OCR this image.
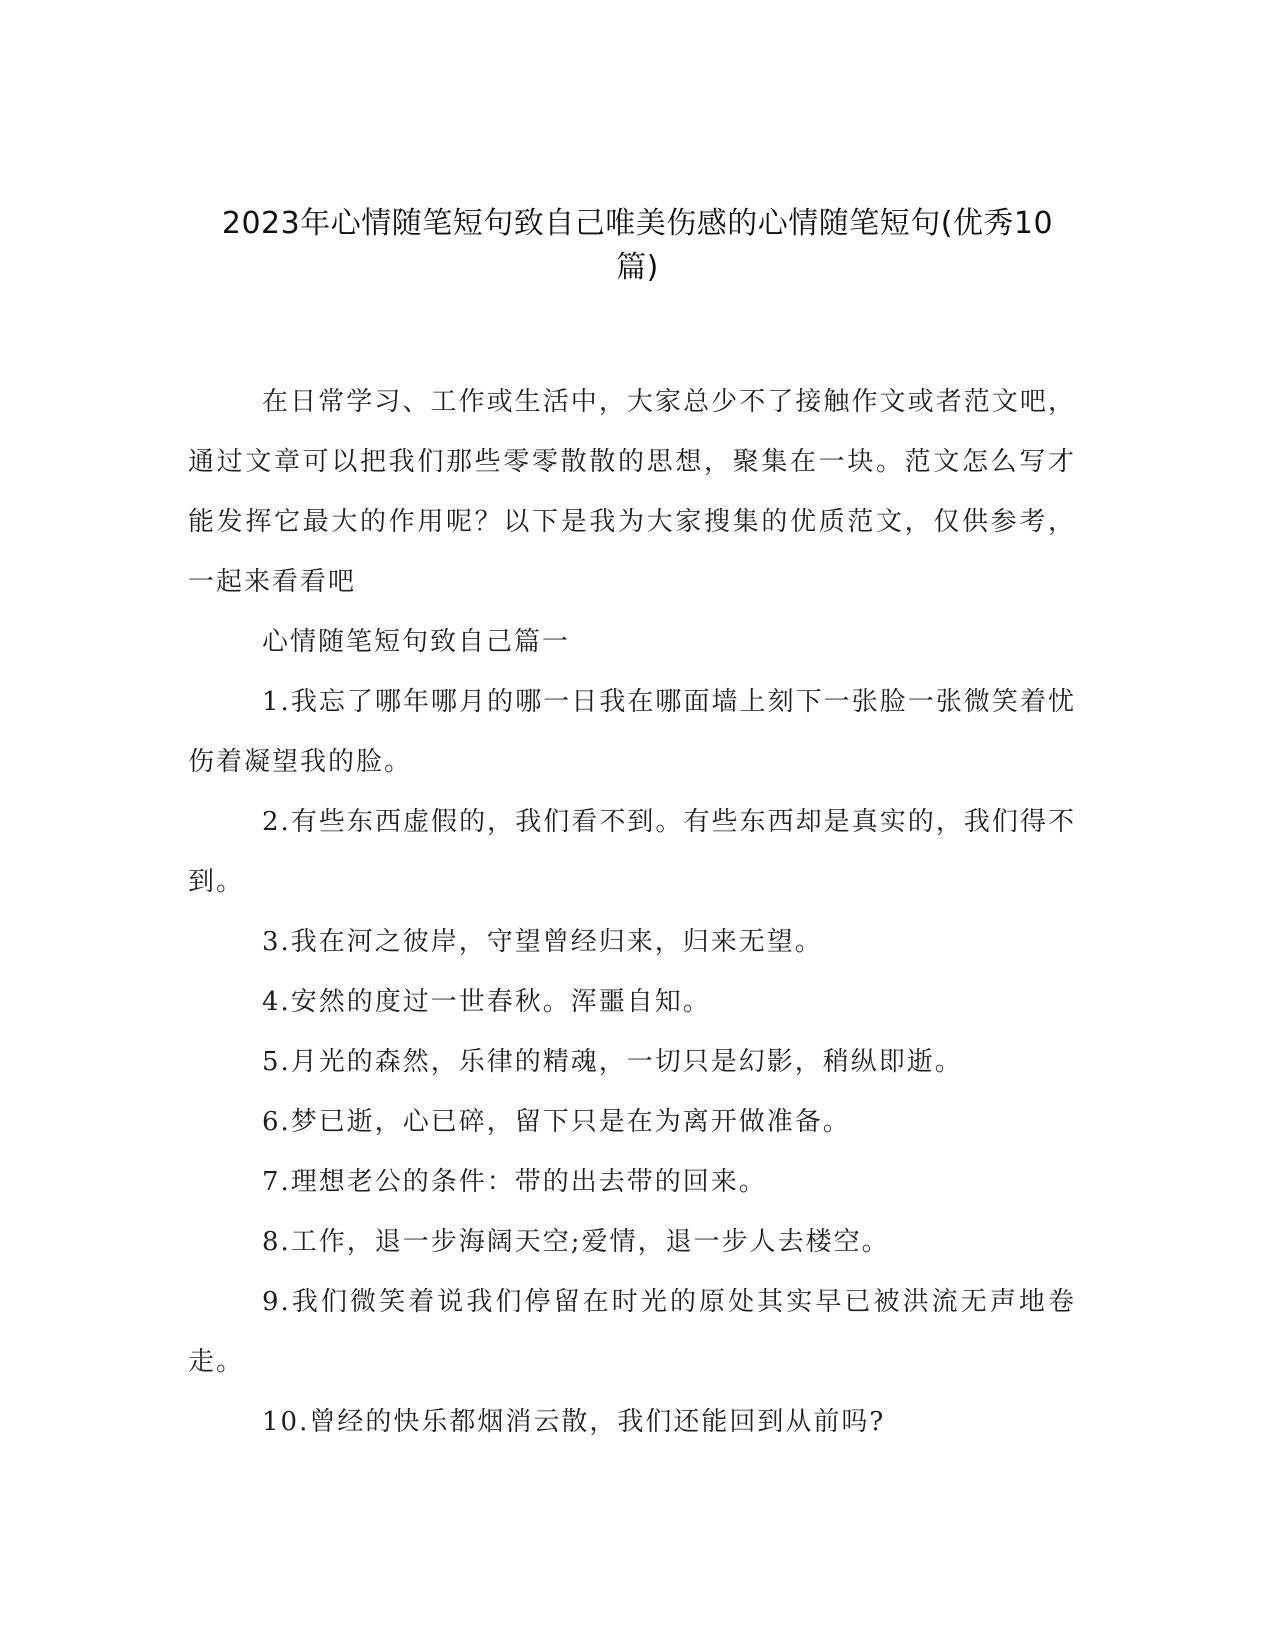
2023年心情随笔短句致自己唯美伤感的心情随笔短句(优秀10
篇)

在日常学习、工作或生活中，大家总少不了接触作文或者范文吧，通过文章可以把我们那些零零散散的思想，聚集在一块。范文怎么写才能发挥它最大的作用呢？以下是我为大家搜集的优质范文，仅供参考，一起来看看吧

心情随笔短句致自己篇一

1.我忘了哪年哪月的哪一日我在哪面墙上刻下一张脸一张微笑着忧伤着凝望我的脸。

2.有些东西虚假的，我们看不到。有些东西却是真实的，我们得不到。

3.我在河之彼岸，守望曾经归来，归来无望。

4.安然的度过一世春秋。浑噩自知。

5.月光的森然，乐律的精魂，一切只是幻影，稍纵即逝。

6.梦已逝，心已碎，留下只是在为离开做准备。

7.理想老公的条件：带的出去带的回来。

8.工作，退一步海阔天空;爱情，退一步人去楼空。

9.我们微笑着说我们停留在时光的原处其实早已被洪流无声地卷走。

10.曾经的快乐都烟消云散，我们还能回到从前吗?
